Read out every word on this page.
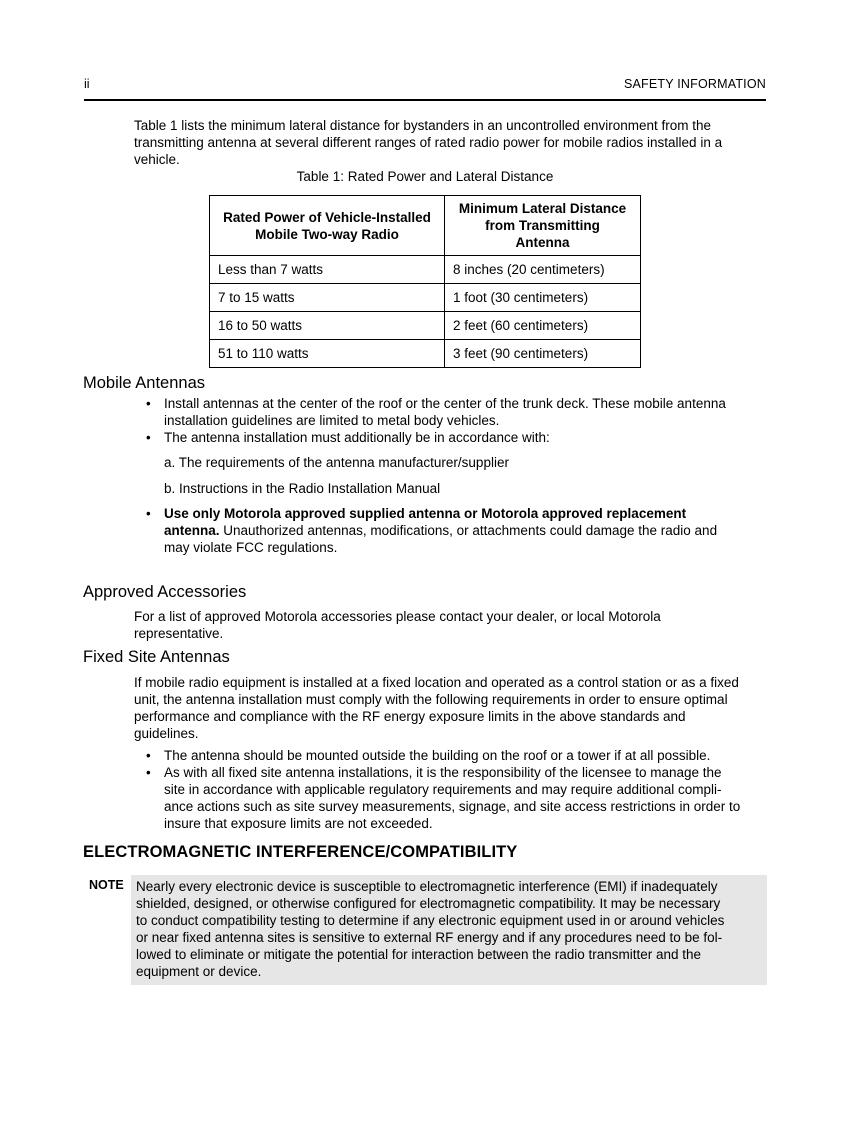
ii	SAFETY INFORMATION

Table 1 lists the minimum lateral distance for bystanders in an uncontrolled environment from the
transmitting antenna at several different ranges of rated radio power for mobile radios installed in a
vehicle.

Table 1: Rated Power and Lateral Distance
Rated Power of Vehicle-Installed
Mobile Two-way Radio	Minimum Lateral Distance
from Transmitting
Antenna
Less than 7 watts	8 inches (20 centimeters)
7 to 15 watts	1 foot (30 centimeters)
16 to 50 watts	2 feet (60 centimeters)
51 to 110 watts	3 feet (90 centimeters)
Mobile Antennas
• Install antennas at the center of the roof or the center of the trunk deck. These mobile antenna
installation guidelines are limited to metal body vehicles.
• The antenna installation must additionally be in accordance with:
a. The requirements of the antenna manufacturer/supplier
b. Instructions in the Radio Installation Manual
• Use only Motorola approved supplied antenna or Motorola approved replacement
antenna. Unauthorized antennas, modifications, or attachments could damage the radio and
may violate FCC regulations.
Approved Accessories

For a list of approved Motorola accessories please contact your dealer, or local Motorola
representative.

Fixed Site Antennas

If mobile radio equipment is installed at a fixed location and operated as a control station or as a fixed
unit, the antenna installation must comply with the following requirements in order to ensure optimal
performance and compliance with the RF energy exposure limits in the above standards and
guidelines.

• The antenna should be mounted outside the building on the roof or a tower if at all possible.
• As with all fixed site antenna installations, it is the responsibility of the licensee to manage the
site in accordance with applicable regulatory requirements and may require additional compli-
ance actions such as site survey measurements, signage, and site access restrictions in order to
insure that exposure limits are not exceeded.
ELECTROMAGNETIC INTERFERENCE/COMPATIBILITY
NOTE Nearly every electronic device is susceptible to electromagnetic interference (EMI) if inadequately
shielded, designed, or otherwise configured for electromagnetic compatibility. It may be necessary
to conduct compatibility testing to determine if any electronic equipment used in or around vehicles
or near fixed antenna sites is sensitive to external RF energy and if any procedures need to be fol-
lowed to eliminate or mitigate the potential for interaction between the radio transmitter and the
equipment or device.
